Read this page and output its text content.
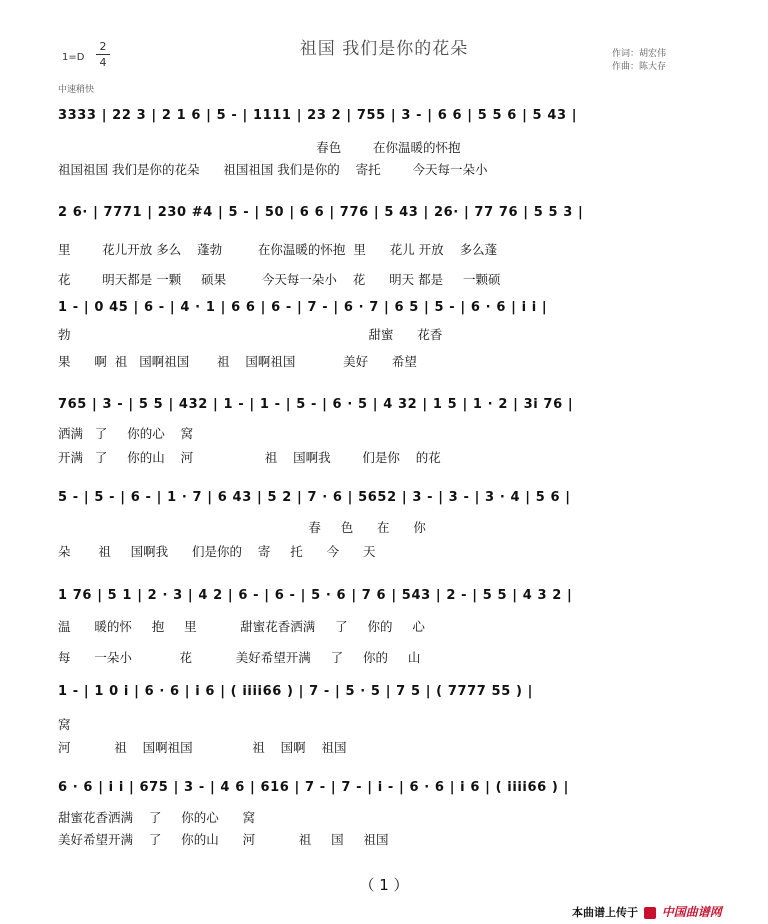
祖国 我们是你的花朵
1=D
2
4
中速稍快
作词：胡宏伟
作曲：陈大存
3333 | 22 3 | 2 1 6 | 5 - | 1111 | 23 2 | 755 | 3 - | 6 6 | 5 5 6 | 5 43 |
春色        在你温暖的怀抱
祖国祖国 我们是你的花朵      祖国祖国 我们是你的    寄托        今天每一朵小
2 6· | 7771 | 230 #4 | 5 - | 50 | 6 6 | 776 | 5 43 | 26· | 77 76 | 5 5 3 |
里        花儿开放 多么    蓬勃         在你温暖的怀抱  里      花儿 开放    多么蓬
花        明天都是 一颗     硕果         今天每一朵小    花      明天 都是     一颗硕
1 - | 0 45 | 6 - | 4 · 1 | 6 6 | 6 - | 7 - | 6 · 7 | 6 5 | 5 - | 6 · 6 | i i |
勃                                                                           甜蜜      花香
果      啊  祖   国啊祖国       祖    国啊祖国            美好      希望
765 | 3 - | 5 5 | 432 | 1 - | 1 - | 5 - | 6 · 5 | 4 32 | 1 5 | 1 · 2 | 3i 76 |
洒满   了     你的心    窝
开满   了     你的山    河                  祖    国啊我        们是你    的花
5 - | 5 - | 6 - | 1 · 7 | 6 43 | 5 2 | 7 · 6 | 5652 | 3 - | 3 - | 3 · 4 | 5 6 |
春     色      在      你
朵       祖     国啊我      们是你的    寄     托      今      天
1 76 | 5 1 | 2 · 3 | 4 2 | 6 - | 6 - | 5 · 6 | 7 6 | 543 | 2 - | 5 5 | 4 3 2 |
温      暖的怀     抱     里           甜蜜花香洒满     了     你的     心
每      一朵小            花           美好希望开满     了     你的     山
1 - | 1 0 i | 6 · 6 | i 6 | ( iiii66 ) | 7 - | 5 · 5 | 7 5 | ( 7777 55 ) |
窝
河           祖    国啊祖国               祖    国啊    祖国
6 · 6 | i i | 675 | 3 - | 4 6 | 616 | 7 - | 7 - | i - | 6 · 6 | i 6 | ( iiii66 ) |
甜蜜花香洒满    了     你的心      窝
美好希望开满    了     你的山      河           祖     国     祖国
（ 1 ）
本曲谱上传于 中国曲谱网
